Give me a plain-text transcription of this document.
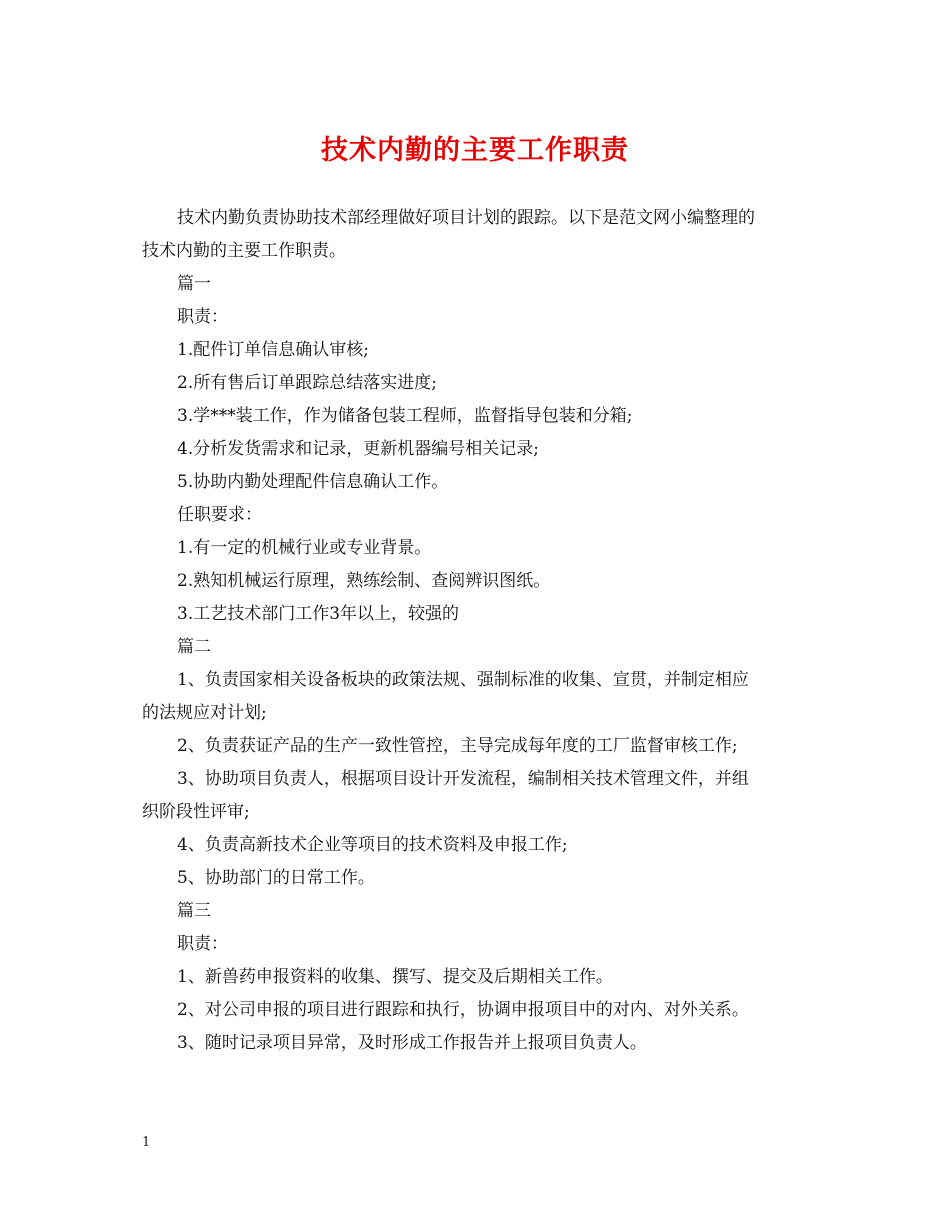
技术内勤的主要工作职责

技术内勤负责协助技术部经理做好项目计划的跟踪。以下是范文网小编整理的

技术内勤的主要工作职责。

篇一

职责：

1.配件订单信息确认审核;

2.所有售后订单跟踪总结落实进度;

3.学***装工作，作为储备包装工程师，监督指导包装和分箱;

4.分析发货需求和记录，更新机器编号相关记录;

5.协助内勤处理配件信息确认工作。

任职要求：

1.有一定的机械行业或专业背景。

2.熟知机械运行原理，熟练绘制、查阅辨识图纸。

3.工艺技术部门工作3年以上，较强的

篇二

1、负责国家相关设备板块的政策法规、强制标准的收集、宣贯，并制定相应

的法规应对计划;

2、负责获证产品的生产一致性管控，主导完成每年度的工厂监督审核工作;

3、协助项目负责人，根据项目设计开发流程，编制相关技术管理文件，并组

织阶段性评审;

4、负责高新技术企业等项目的技术资料及申报工作;

5、协助部门的日常工作。

篇三

职责：

1、新兽药申报资料的收集、撰写、提交及后期相关工作。

2、对公司申报的项目进行跟踪和执行，协调申报项目中的对内、对外关系。

3、随时记录项目异常，及时形成工作报告并上报项目负责人。

1
